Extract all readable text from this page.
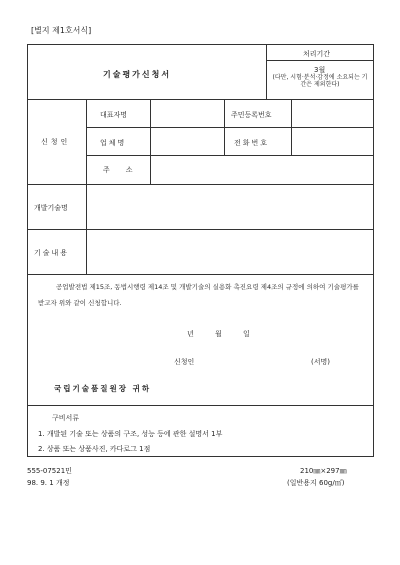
[별지 제1호서식]
기술평가신청서
처리기간
3월
(다만, 시험·분석·감정에 소요되는 기간은 제외한다)
신청인
대표자명	주민등록번호
업체명	전화번호
주소
개발기술명
기술내용
공업발전법 제15조, 동법시행령 제14조 및 개발기술의 실용화 촉진요령 제4조의 규정에 의하여 기술평가를 받고자 위와 같이 신청합니다.
년	월	일
신청인	(서명)
국립기술품질원장 귀하
구비서류
1. 개발된 기술 또는 상품의 구조, 성능 등에 관한 설명서 1부
2. 상품 또는 상품사진, 카다로그 1점
555-07521민
98. 9. 1 개정
210㎜×297㎜
(일반용지 60g/㎡)
